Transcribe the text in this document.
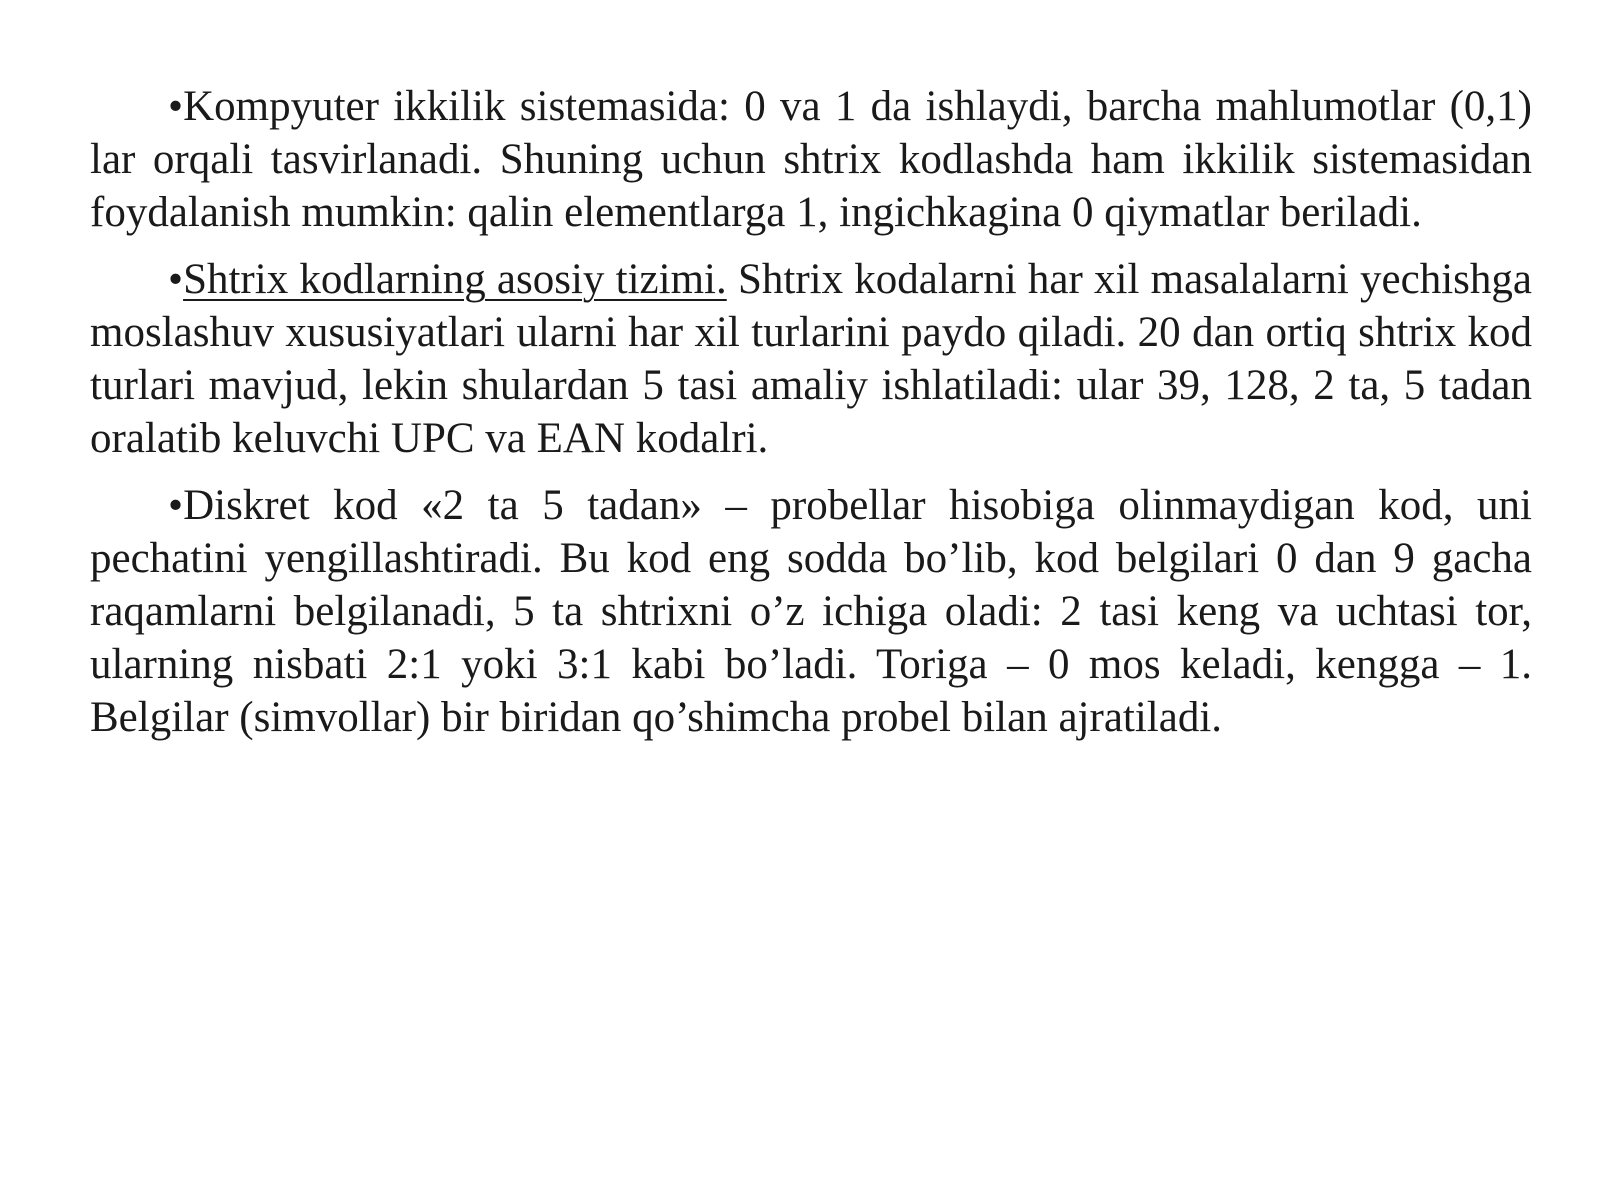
•Kompyuter ikkilik sistemasida: 0 va 1 da ishlaydi, barcha mahlumotlar (0,1) lar orqali tasvirlanadi. Shuning uchun shtrix kodlashda ham ikkilik sistemasidan foydalanish mumkin: qalin elementlarga 1, ingichkagina 0 qiymatlar beriladi.

•Shtrix kodlarning asosiy tizimi. Shtrix kodalarni har xil masalalarni yechishga moslashuv xususiyatlari ularni har xil turlarini paydo qiladi. 20 dan ortiq shtrix kod turlari mavjud, lekin shulardan 5 tasi amaliy ishlatiladi: ular 39, 128, 2 ta, 5 tadan oralatib keluvchi UPC va EAN kodalri.

•Diskret kod «2 ta 5 tadan» – probellar hisobiga olinmaydigan kod, uni pechatini yengillashtiradi. Bu kod eng sodda bo’lib, kod belgilari 0 dan 9 gacha raqamlarni belgilanadi, 5 ta shtrixni o’z ichiga oladi: 2 tasi keng va uchtasi tor, ularning nisbati 2:1 yoki 3:1 kabi bo’ladi. Toriga – 0 mos keladi, kengga – 1. Belgilar (simvollar) bir biridan qo’shimcha probel bilan ajratiladi.
